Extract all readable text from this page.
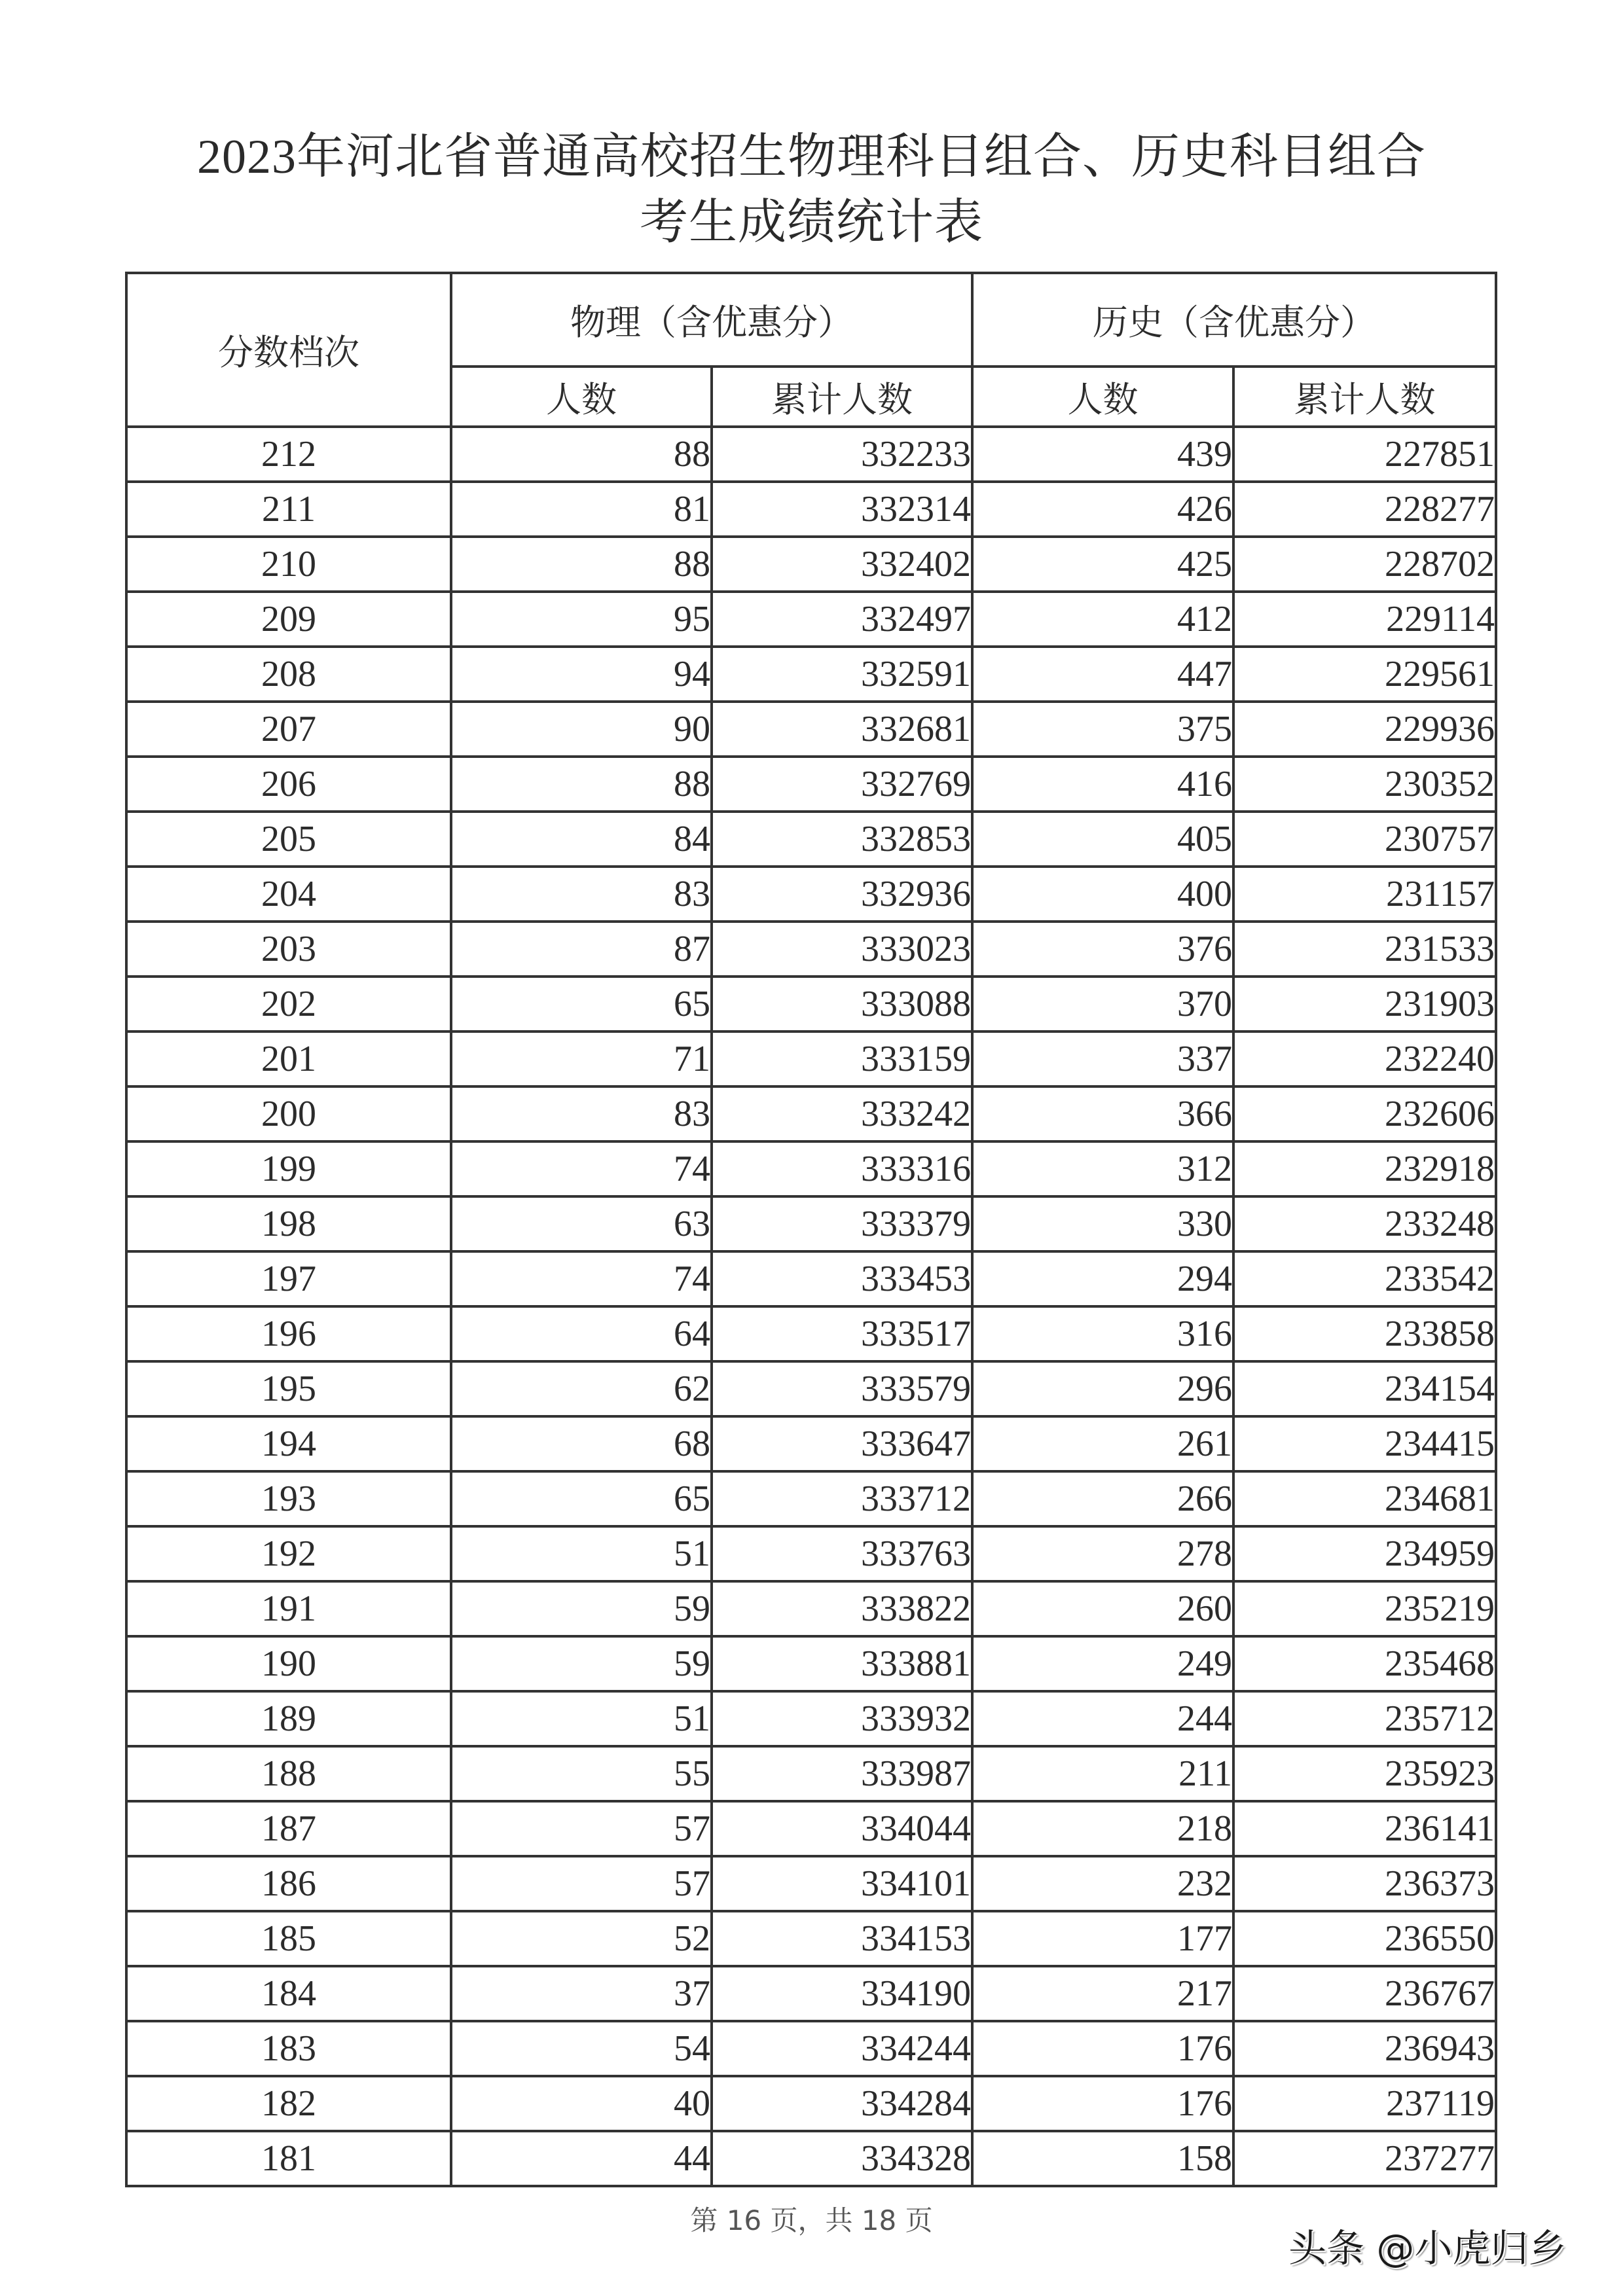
2023年河北省普通高校招生物理科目组合、历史科目组合
考生成绩统计表
分数档次	物理（含优惠分）		历史（含优惠分）	
	人数	累计人数	人数	累计人数
212	88	332233	439	227851
211	81	332314	426	228277
210	88	332402	425	228702
209	95	332497	412	229114
208	94	332591	447	229561
207	90	332681	375	229936
206	88	332769	416	230352
205	84	332853	405	230757
204	83	332936	400	231157
203	87	333023	376	231533
202	65	333088	370	231903
201	71	333159	337	232240
200	83	333242	366	232606
199	74	333316	312	232918
198	63	333379	330	233248
197	74	333453	294	233542
196	64	333517	316	233858
195	62	333579	296	234154
194	68	333647	261	234415
193	65	333712	266	234681
192	51	333763	278	234959
191	59	333822	260	235219
190	59	333881	249	235468
189	51	333932	244	235712
188	55	333987	211	235923
187	57	334044	218	236141
186	57	334101	232	236373
185	52	334153	177	236550
184	37	334190	217	236767
183	54	334244	176	236943
182	40	334284	176	237119
181	44	334328	158	237277
第 16 页，共 18 页
头条 @小虎归乡
